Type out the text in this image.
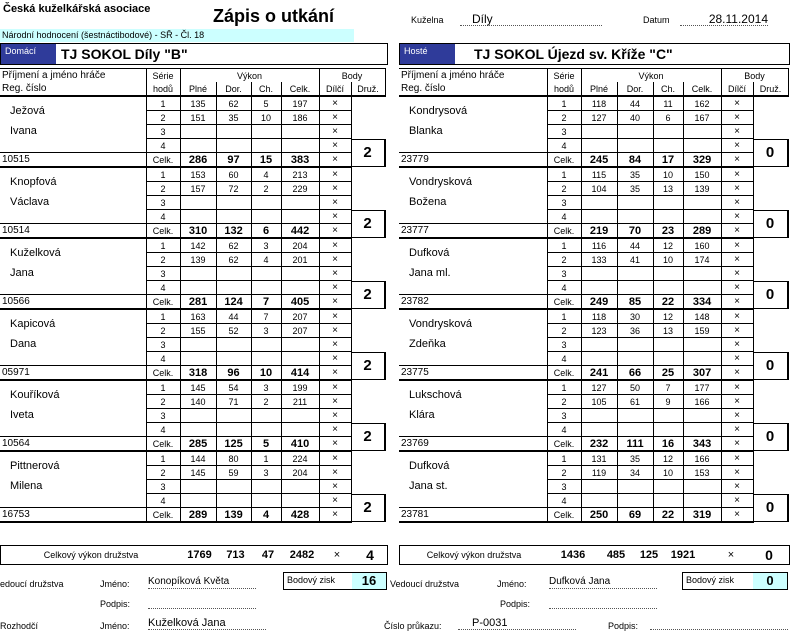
Česká kuželkářská asociace	Zápis o utkání
Národní hodnocení (šestnáctibodové) - SŘ - Čl. 18
Kuželna	Díly	Datum	28.11.2014
Domácí	TJ SOKOL Díly "B"	Hosté	TJ SOKOL Újezd sv. Kříže "C"
Příjmení a jméno hráče	Série	Výkon				Body	
Reg. číslo	hodů	Plné	Dor.	Ch.	Celk.	Dílčí	Druž.
Ježová	1	135	62	5	197	×	
	2	151	35	10	186	×	
Ivana	3					×	
	4					×	2

10515	Celk.	286	97	15	383	×	
Knopfová	1	153	60	4	213	×	
	2	157	72	2	229	×	
Václava	3					×	
	4					×	2

10514	Celk.	310	132	6	442	×	
Kuželková	1	142	62	3	204	×	
	2	139	62	4	201	×	
Jana	3					×	
	4					×	2

10566	Celk.	281	124	7	405	×	
Kapicová	1	163	44	7	207	×	
	2	155	52	3	207	×	
Dana	3					×	
	4					×	2

05971	Celk.	318	96	10	414	×	
Kouříková	1	145	54	3	199	×	
	2	140	71	2	211	×	
Iveta	3					×	
	4					×	2

10564	Celk.	285	125	5	410	×	
Pittnerová	1	144	80	1	224	×	
	2	145	59	3	204	×	
Milena	3					×	
	4					×	2

16753	Celk.	289	139	4	428	×	
Příjmení a jméno hráče	Série	Výkon				Body	
Reg. číslo	hodů	Plné	Dor.	Ch.	Celk.	Dílčí	Druž.
Kondrysová	1	118	44	11	162	×	
	2	127	40	6	167	×	
Blanka	3					×	
	4					×	0

23779	Celk.	245	84	17	329	×	
Vondrysková	1	115	35	10	150	×	
	2	104	35	13	139	×	
Božena	3					×	
	4					×	0

23777	Celk.	219	70	23	289	×	
Dufková	1	116	44	12	160	×	
	2	133	41	10	174	×	
Jana ml.	3					×	
	4					×	0

23782	Celk.	249	85	22	334	×	
Vondrysková	1	118	30	12	148	×	
	2	123	36	13	159	×	
Zdeňka	3					×	
	4					×	0

23775	Celk.	241	66	25	307	×	
Lukschová	1	127	50	7	177	×	
	2	105	61	9	166	×	
Klára	3					×	
	4					×	0

23769	Celk.	232	111	16	343	×	
Dufková	1	131	35	12	166	×	
	2	119	34	10	153	×	
Jana st.	3					×	
	4					×	0

23781	Celk.	250	69	22	319	×	
Celkový výkon družstva	1769	713	47	2482	×	4	Celkový výkon družstva	1436	485	125	1921	×	0
edoucí družstva	Jméno: Konopíková Květa	Bodový zisk	16	Vedoucí družstva	Jméno: Dufková Jana	Bodový zisk	0
Podpis:	Podpis:
Rozhodčí	Jméno: Kuželková Jana	Číslo průkazu:	P-0031	Podpis:
